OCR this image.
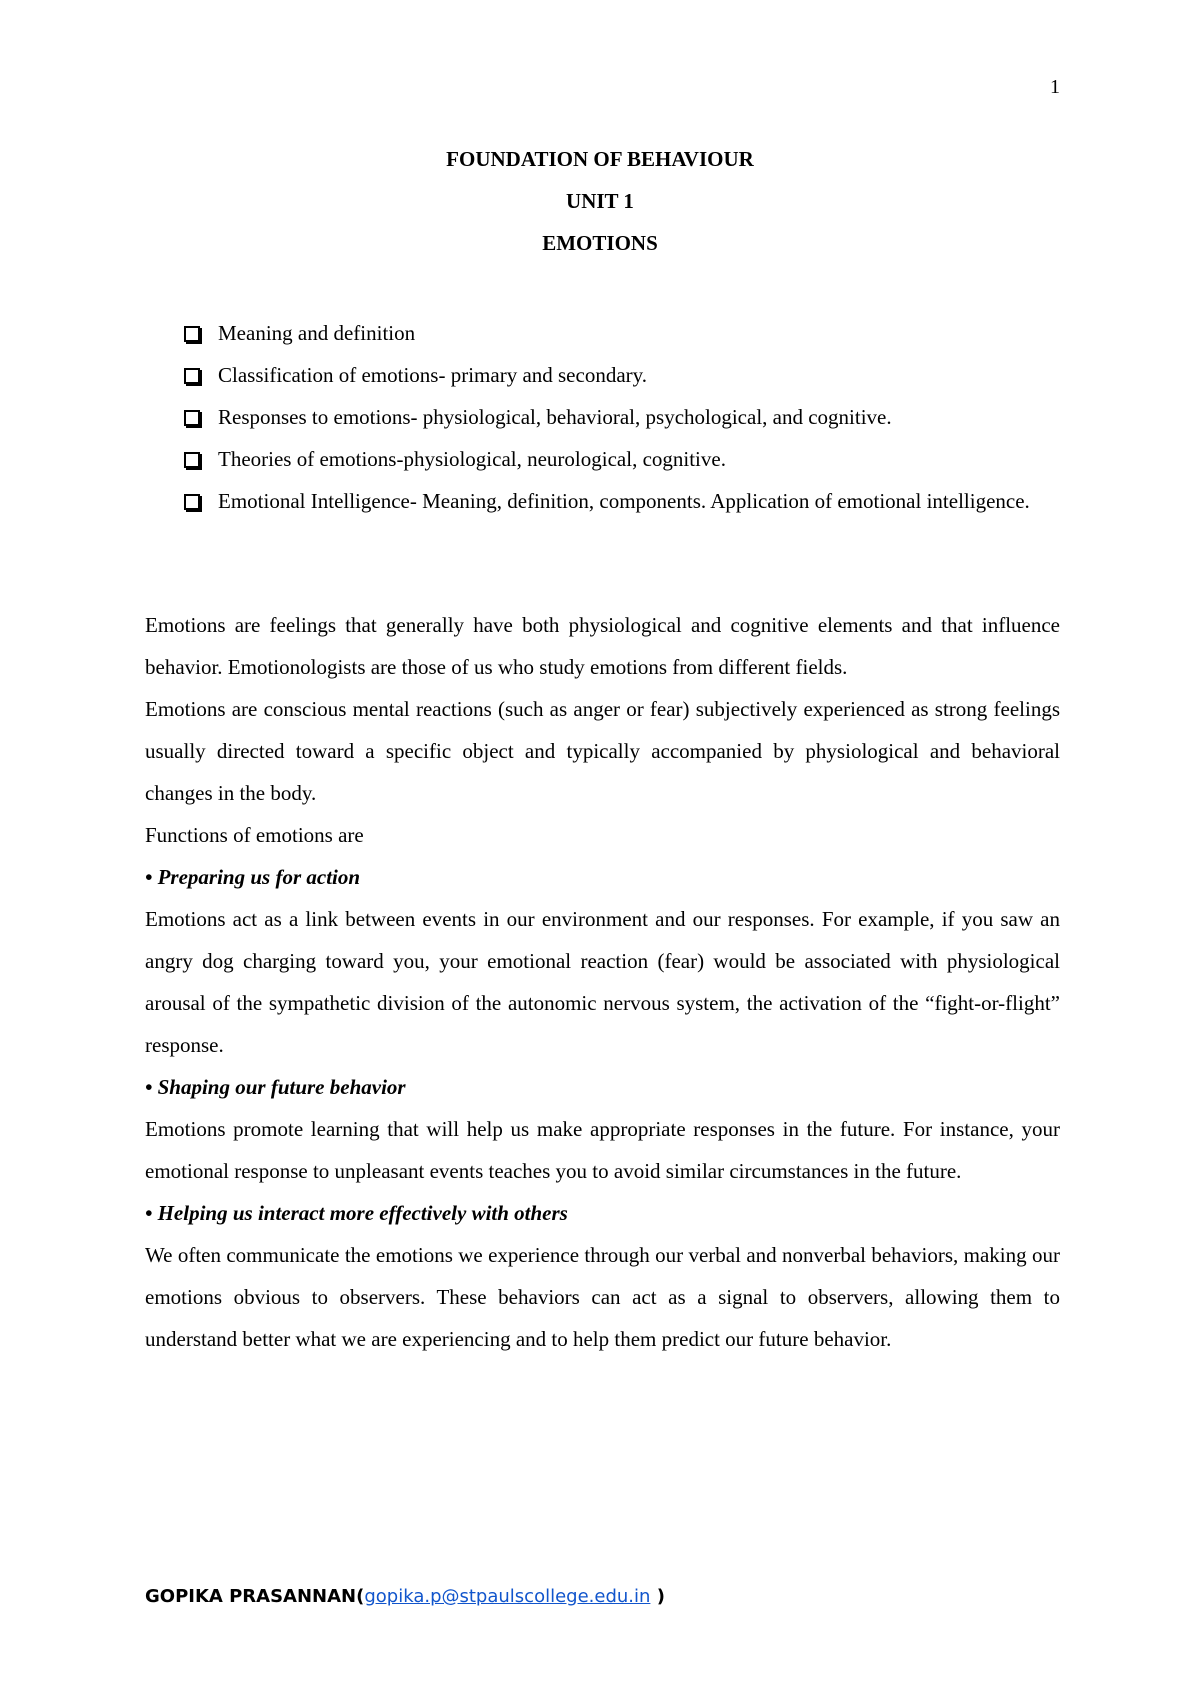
1
FOUNDATION OF BEHAVIOUR
UNIT 1
EMOTIONS
Meaning and definition
Classification of emotions- primary and secondary.
Responses to emotions- physiological, behavioral, psychological, and cognitive.
Theories of emotions-physiological, neurological, cognitive.
Emotional Intelligence- Meaning, definition, components. Application of emotional intelligence.

Emotions are feelings that generally have both physiological and cognitive elements and that influence behavior. Emotionologists are those of us who study emotions from different fields.

Emotions are conscious mental reactions (such as anger or fear) subjectively experienced as strong feelings usually directed toward a specific object and typically accompanied by physiological and behavioral changes in the body.

Functions of emotions are

• Preparing us for action

Emotions act as a link between events in our environment and our responses. For example, if you saw an angry dog charging toward you, your emotional reaction (fear) would be associated with physiological arousal of the sympathetic division of the autonomic nervous system, the activation of the “fight-or-flight” response.

• Shaping our future behavior

Emotions promote learning that will help us make appropriate responses in the future. For instance, your emotional response to unpleasant events teaches you to avoid similar circumstances in the future.

• Helping us interact more effectively with others

We often communicate the emotions we experience through our verbal and nonverbal behaviors, making our emotions obvious to observers. These behaviors can act as a signal to observers, allowing them to understand better what we are experiencing and to help them predict our future behavior.

GOPIKA PRASANNAN(gopika.p@stpaulscollege.edu.in )
